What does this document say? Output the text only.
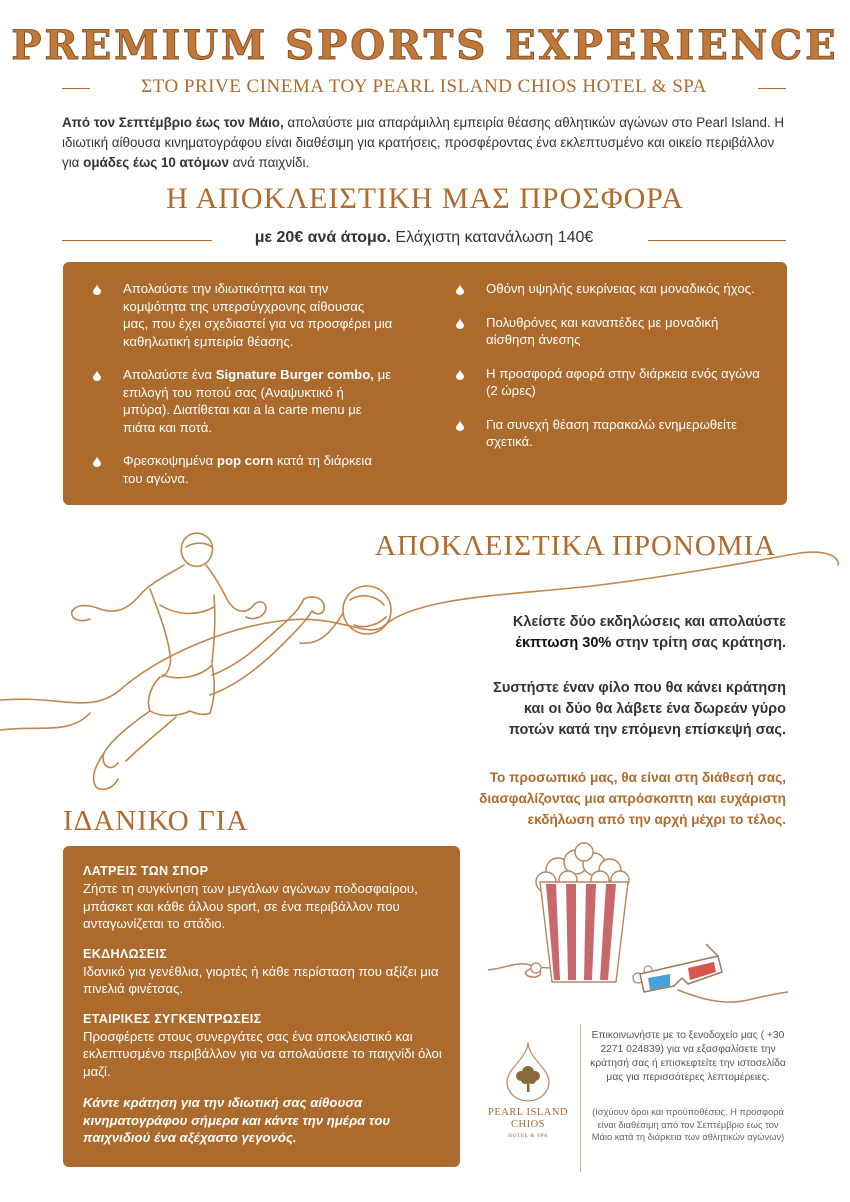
PREMIUM SPORTS EXPERIENCE
ΣΤΟ PRIVE CINEMA ΤΟΥ PEARL ISLAND CHIOS HOTEL & SPA
Από τον Σεπτέμβριο έως τον Μάιο, απολαύστε μια απαράμιλλη εμπειρία θέασης αθλητικών αγώνων στο Pearl Island. Η ιδιωτική αίθουσα κινηματογράφου είναι διαθέσιμη για κρατήσεις, προσφέροντας ένα εκλεπτυσμένο και οικείο περιβάλλον για ομάδες έως 10 ατόμων ανά παιχνίδι.
Η ΑΠΟΚΛΕΙΣΤΙΚΗ ΜΑΣ ΠΡΟΣΦΟΡΑ
με 20€ ανά άτομο. Ελάχιστη κατανάλωση 140€
Απολαύστε την ιδιωτικότητα και την κομψότητα της υπερσύγχρονης αίθουσας μας, που έχει σχεδιαστεί για να προσφέρει μια καθηλωτική εμπειρία θέασης.
Απολαύστε ένα Signature Burger combo, με επιλογή του ποτού σας (Αναψυκτικό ή μπύρα). Διατίθεται και a la carte menu με πιάτα και ποτά.
Φρεσκοψημένα pop corn κατά τη διάρκεια του αγώνα.
Οθόνη υψηλής ευκρίνειας και μοναδικός ήχος.
Πολυθρόνες και καναπέδες με μοναδική αίσθηση άνεσης
Η προσφορά αφορά στην διάρκεια ενός αγώνα
(2 ώρες)
Για συνεχή θέαση παρακαλώ ενημερωθείτε σχετικά.
ΑΠΟΚΛΕΙΣΤΙΚΑ ΠΡΟΝΟΜΙΑ
Κλείστε δύο εκδηλώσεις και απολαύστε
έκπτωση 30% στην τρίτη σας κράτηση.
Συστήστε έναν φίλο που θα κάνει κράτηση
και οι δύο θα λάβετε ένα δωρεάν γύρο
ποτών κατά την επόμενη επίσκεψή σας.
Το προσωπικό μας, θα είναι στη διάθεσή σας,
διασφαλίζοντας μια απρόσκοπτη και ευχάριστη
εκδήλωση από την αρχή μέχρι το τέλος.
ΙΔΑΝΙΚΟ ΓΙΑ
ΛΑΤΡΕΙΣ ΤΩΝ ΣΠΟΡ
Ζήστε τη συγκίνηση των μεγάλων αγώνων ποδοσφαίρου, μπάσκετ και κάθε άλλου sport, σε ένα περιβάλλον που ανταγωνίζεται το στάδιο.
ΕΚΔΗΛΩΣΕΙΣ
Ιδανικό για γενέθλια, γιορτές ή κάθε περίσταση που αξίζει μια πινελιά φινέτσας.
ΕΤΑΙΡΙΚΕΣ ΣΥΓΚΕΝΤΡΩΣΕΙΣ
Προσφέρετε στους συνεργάτες σας ένα αποκλειστικό και εκλεπτυσμένο περιβάλλον για να απολαύσετε το παιχνίδι όλοι μαζί.
Κάντε κράτηση για την ιδιωτική σας αίθουσα κινηματογράφου σήμερα και κάντε την ημέρα του παιχνιδιού ένα αξέχαστο γεγονός.
PEARL ISLAND
CHIOS
HOTEL & SPA
Επικοινωνήστε με το ξενοδοχείο μας ( +30 2271 024839) για να εξασφαλίσετε την κράτησή σας ή επισκεφτείτε την ιστοσελίδα μας για περισσότερες λεπτομέρειες.
(Ισχύουν όροι και προϋποθέσεις. Η προσφορά είναι διαθέσιμη από τον Σεπτέμβριο έως τον Μάιο κατά τη διάρκεια των αθλητικών αγώνων)
